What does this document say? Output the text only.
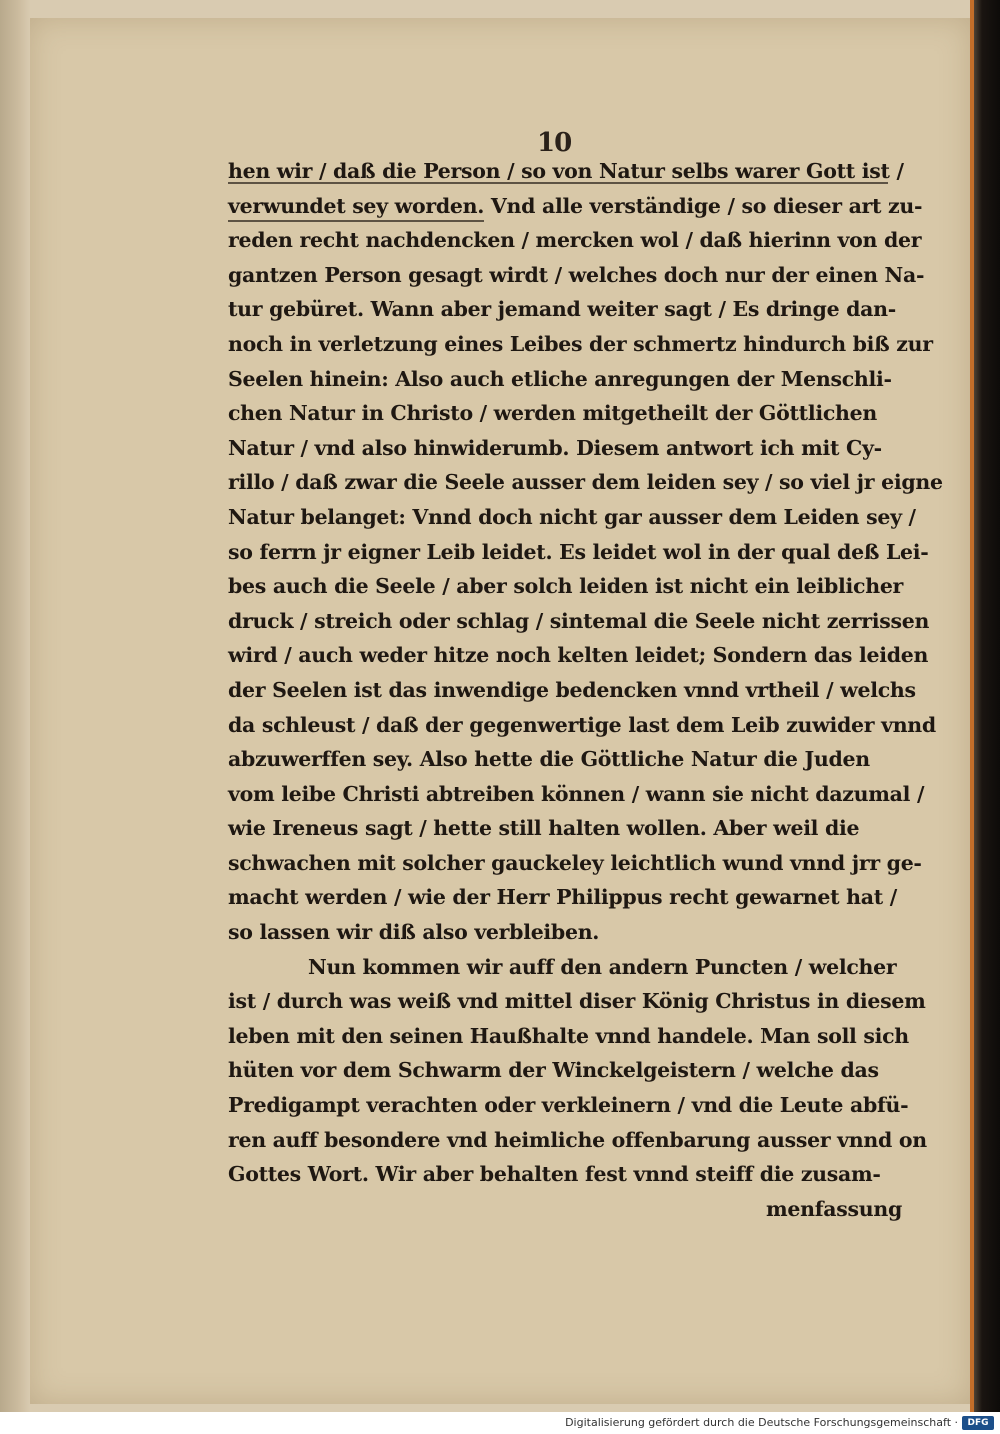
10
hen wir / daß die Person / so von Natur selbs warer Gott ist /
verwundet sey worden. Vnd alle verständige / so dieser art zu-
reden recht nachdencken / mercken wol / daß hierinn von der
gantzen Person gesagt wirdt / welches doch nur der einen Na-
tur gebüret. Wann aber jemand weiter sagt / Es dringe dan-
noch in verletzung eines Leibes der schmertz hindurch biß zur
Seelen hinein: Also auch etliche anregungen der Menschli-
chen Natur in Christo / werden mitgetheilt der Göttlichen
Natur / vnd also hinwiderumb. Diesem antwort ich mit Cy-
rillo / daß zwar die Seele ausser dem leiden sey / so viel jr eigne
Natur belanget: Vnnd doch nicht gar ausser dem Leiden sey /
so ferrn jr eigner Leib leidet. Es leidet wol in der qual deß Lei-
bes auch die Seele / aber solch leiden ist nicht ein leiblicher
druck / streich oder schlag / sintemal die Seele nicht zerrissen
wird / auch weder hitze noch kelten leidet; Sondern das leiden
der Seelen ist das inwendige bedencken vnnd vrtheil / welchs
da schleust / daß der gegenwertige last dem Leib zuwider vnnd
abzuwerffen sey. Also hette die Göttliche Natur die Juden
vom leibe Christi abtreiben können / wann sie nicht dazumal /
wie Ireneus sagt / hette still halten wollen. Aber weil die
schwachen mit solcher gauckeley leichtlich wund vnnd jrr ge-
macht werden / wie der Herr Philippus recht gewarnet hat /
so lassen wir diß also verbleiben.
Nun kommen wir auff den andern Puncten / welcher
ist / durch was weiß vnd mittel diser König Christus in diesem
leben mit den seinen Haußhalte vnnd handele. Man soll sich
hüten vor dem Schwarm der Winckelgeistern / welche das
Predigampt verachten oder verkleinern / vnd die Leute abfü-
ren auff besondere vnd heimliche offenbarung ausser vnnd on
Gottes Wort. Wir aber behalten fest vnnd steiff die zusam-
menfassung
Digitalisierung gefördert durch die Deutsche Forschungsgemeinschaft ·	DFG
